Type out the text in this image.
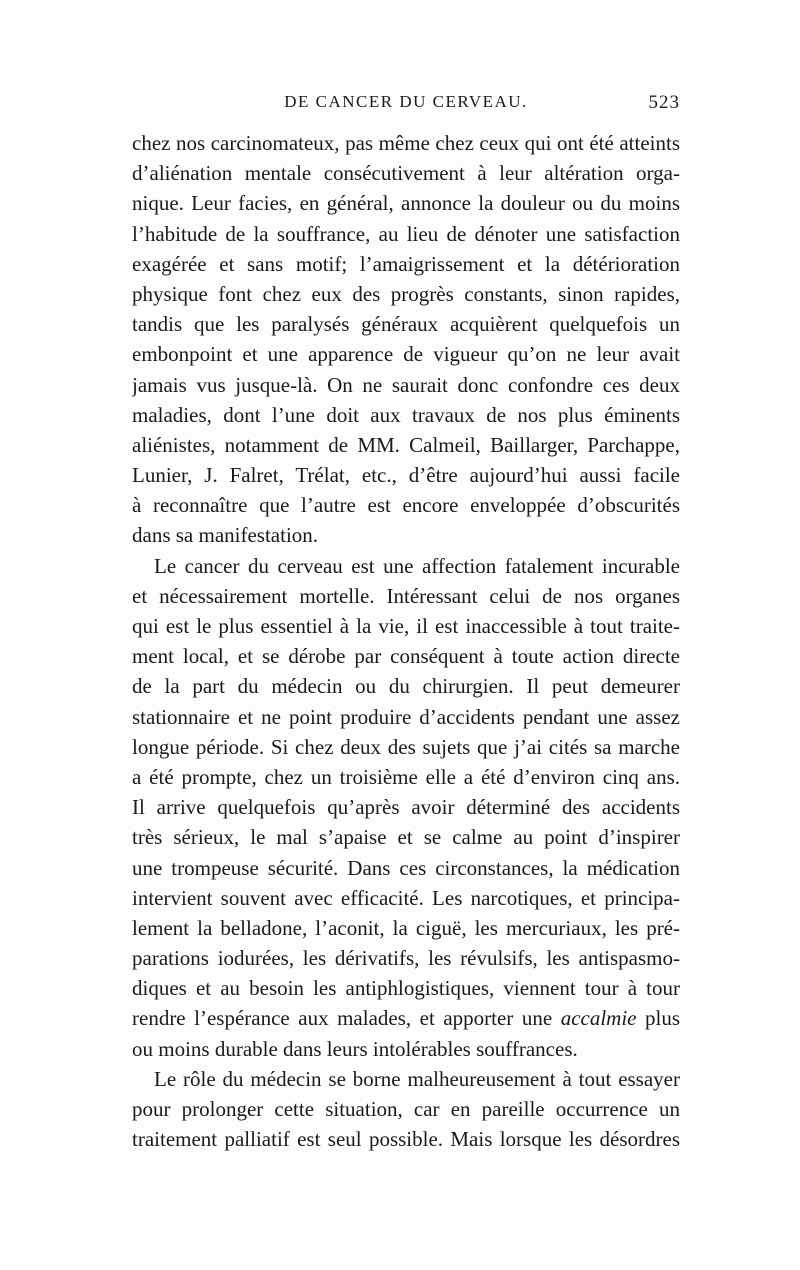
DE CANCER DU CERVEAU.	523
chez nos carcinomateux, pas même chez ceux qui ont été atteints
d’aliénation mentale consécutivement à leur altération orga-
nique. Leur facies, en général, annonce la douleur ou du moins
l’habitude de la souffrance, au lieu de dénoter une satisfaction
exagérée et sans motif; l’amaigrissement et la détérioration
physique font chez eux des progrès constants, sinon rapides,
tandis que les paralysés généraux acquièrent quelquefois un
embonpoint et une apparence de vigueur qu’on ne leur avait
jamais vus jusque-là. On ne saurait donc confondre ces deux
maladies, dont l’une doit aux travaux de nos plus éminents
aliénistes, notamment de MM. Calmeil, Baillarger, Parchappe,
Lunier, J. Falret, Trélat, etc., d’être aujourd’hui aussi facile
à reconnaître que l’autre est encore enveloppée d’obscurités
dans sa manifestation.
Le cancer du cerveau est une affection fatalement incurable
et nécessairement mortelle. Intéressant celui de nos organes
qui est le plus essentiel à la vie, il est inaccessible à tout traite-
ment local, et se dérobe par conséquent à toute action directe
de la part du médecin ou du chirurgien. Il peut demeurer
stationnaire et ne point produire d’accidents pendant une assez
longue période. Si chez deux des sujets que j’ai cités sa marche
a été prompte, chez un troisième elle a été d’environ cinq ans.
Il arrive quelquefois qu’après avoir déterminé des accidents
très sérieux, le mal s’apaise et se calme au point d’inspirer
une trompeuse sécurité. Dans ces circonstances, la médication
intervient souvent avec efficacité. Les narcotiques, et principa-
lement la belladone, l’aconit, la ciguë, les mercuriaux, les pré-
parations iodurées, les dérivatifs, les révulsifs, les antispasmo-
diques et au besoin les antiphlogistiques, viennent tour à tour
rendre l’espérance aux malades, et apporter une accalmie plus
ou moins durable dans leurs intolérables souffrances.
Le rôle du médecin se borne malheureusement à tout essayer
pour prolonger cette situation, car en pareille occurrence un
traitement palliatif est seul possible. Mais lorsque les désordres
